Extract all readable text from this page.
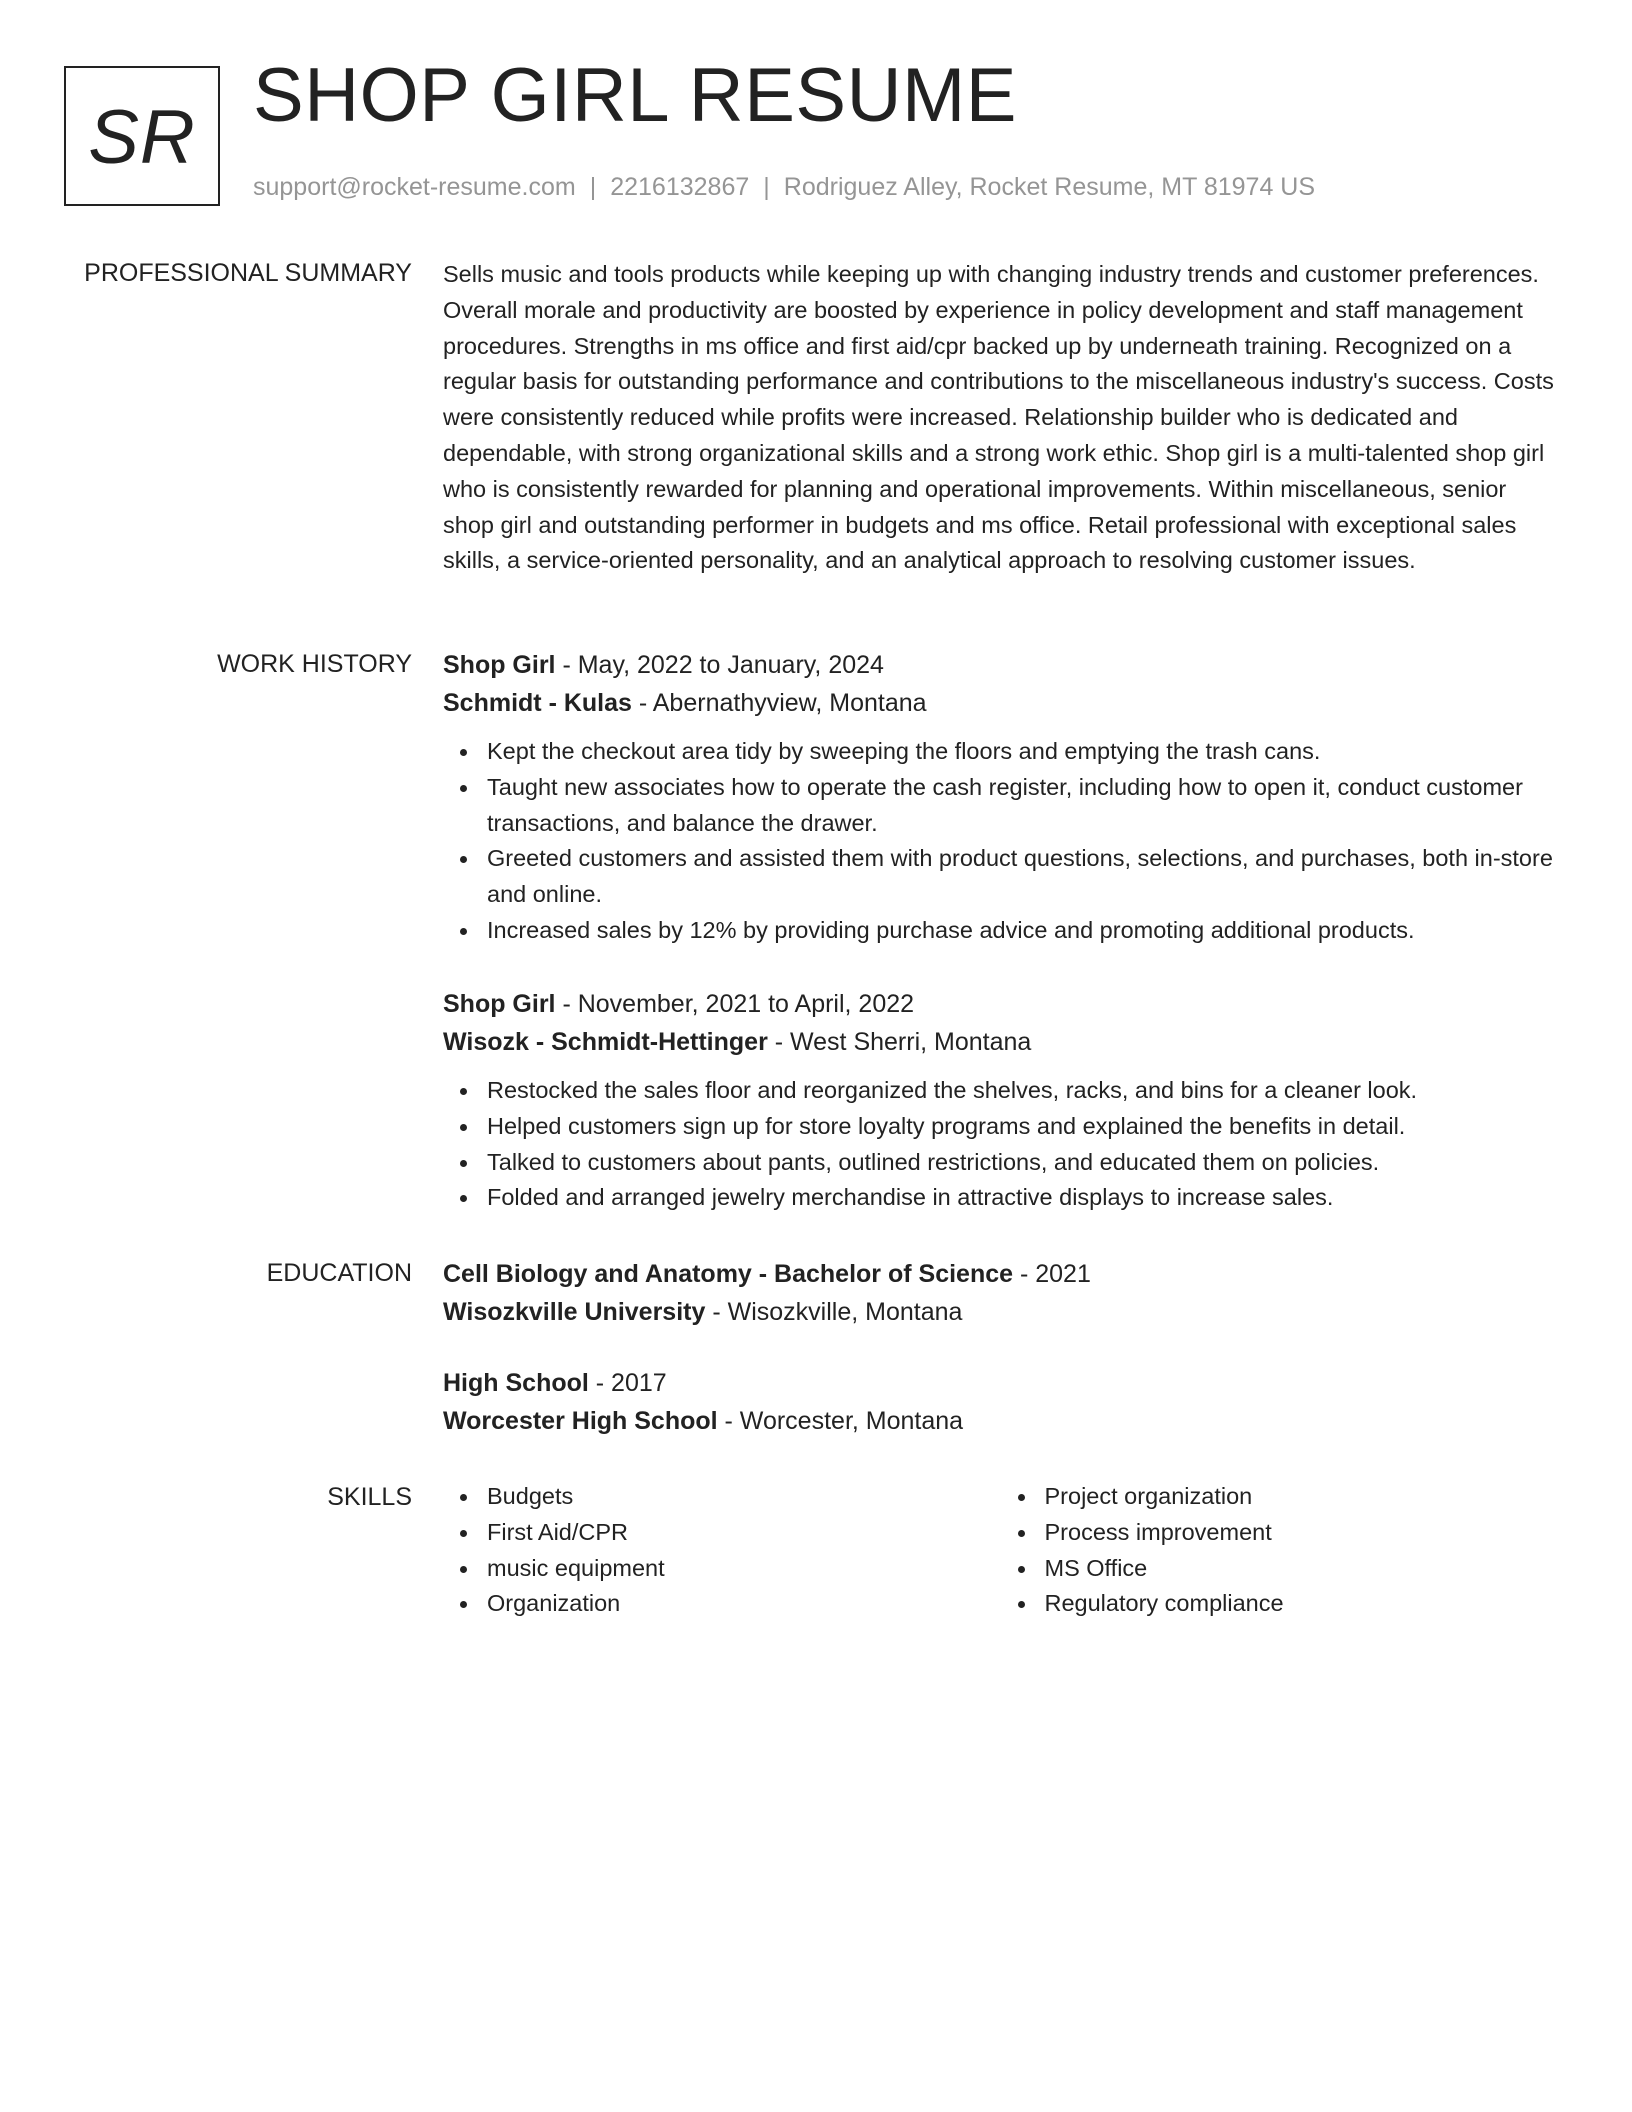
SR SHOP GIRL RESUME
support@rocket-resume.com | 2216132867 | Rodriguez Alley, Rocket Resume, MT 81974 US
PROFESSIONAL SUMMARY Sells music and tools products while keeping up with changing industry trends and customer preferences. Overall morale and productivity are boosted by experience in policy development and staff management procedures. Strengths in ms office and first aid/cpr backed up by underneath training. Recognized on a regular basis for outstanding performance and contributions to the miscellaneous industry's success. Costs were consistently reduced while profits were increased. Relationship builder who is dedicated and dependable, with strong organizational skills and a strong work ethic. Shop girl is a multi-talented shop girl who is consistently rewarded for planning and operational improvements. Within miscellaneous, senior shop girl and outstanding performer in budgets and ms office. Retail professional with exceptional sales skills, a service-oriented personality, and an analytical approach to resolving customer issues.

WORK HISTORY Shop Girl - May, 2022 to January, 2024
Schmidt - Kulas - Abernathyview, Montana
Kept the checkout area tidy by sweeping the floors and emptying the trash cans.
Taught new associates how to operate the cash register, including how to open it, conduct customer transactions, and balance the drawer.
Greeted customers and assisted them with product questions, selections, and purchases, both in-store and online.
Increased sales by 12% by providing purchase advice and promoting additional products.
Shop Girl - November, 2021 to April, 2022
Wisozk - Schmidt-Hettinger - West Sherri, Montana
Restocked the sales floor and reorganized the shelves, racks, and bins for a cleaner look.
Helped customers sign up for store loyalty programs and explained the benefits in detail.
Talked to customers about pants, outlined restrictions, and educated them on policies.
Folded and arranged jewelry merchandise in attractive displays to increase sales.
EDUCATION Cell Biology and Anatomy - Bachelor of Science - 2021
Wisozkville University - Wisozkville, Montana
High School - 2017
Worcester High School - Worcester, Montana
SKILLS	Budgets
First Aid/CPR
music equipment
Organization
Project organization
Process improvement
MS Office
Regulatory compliance
